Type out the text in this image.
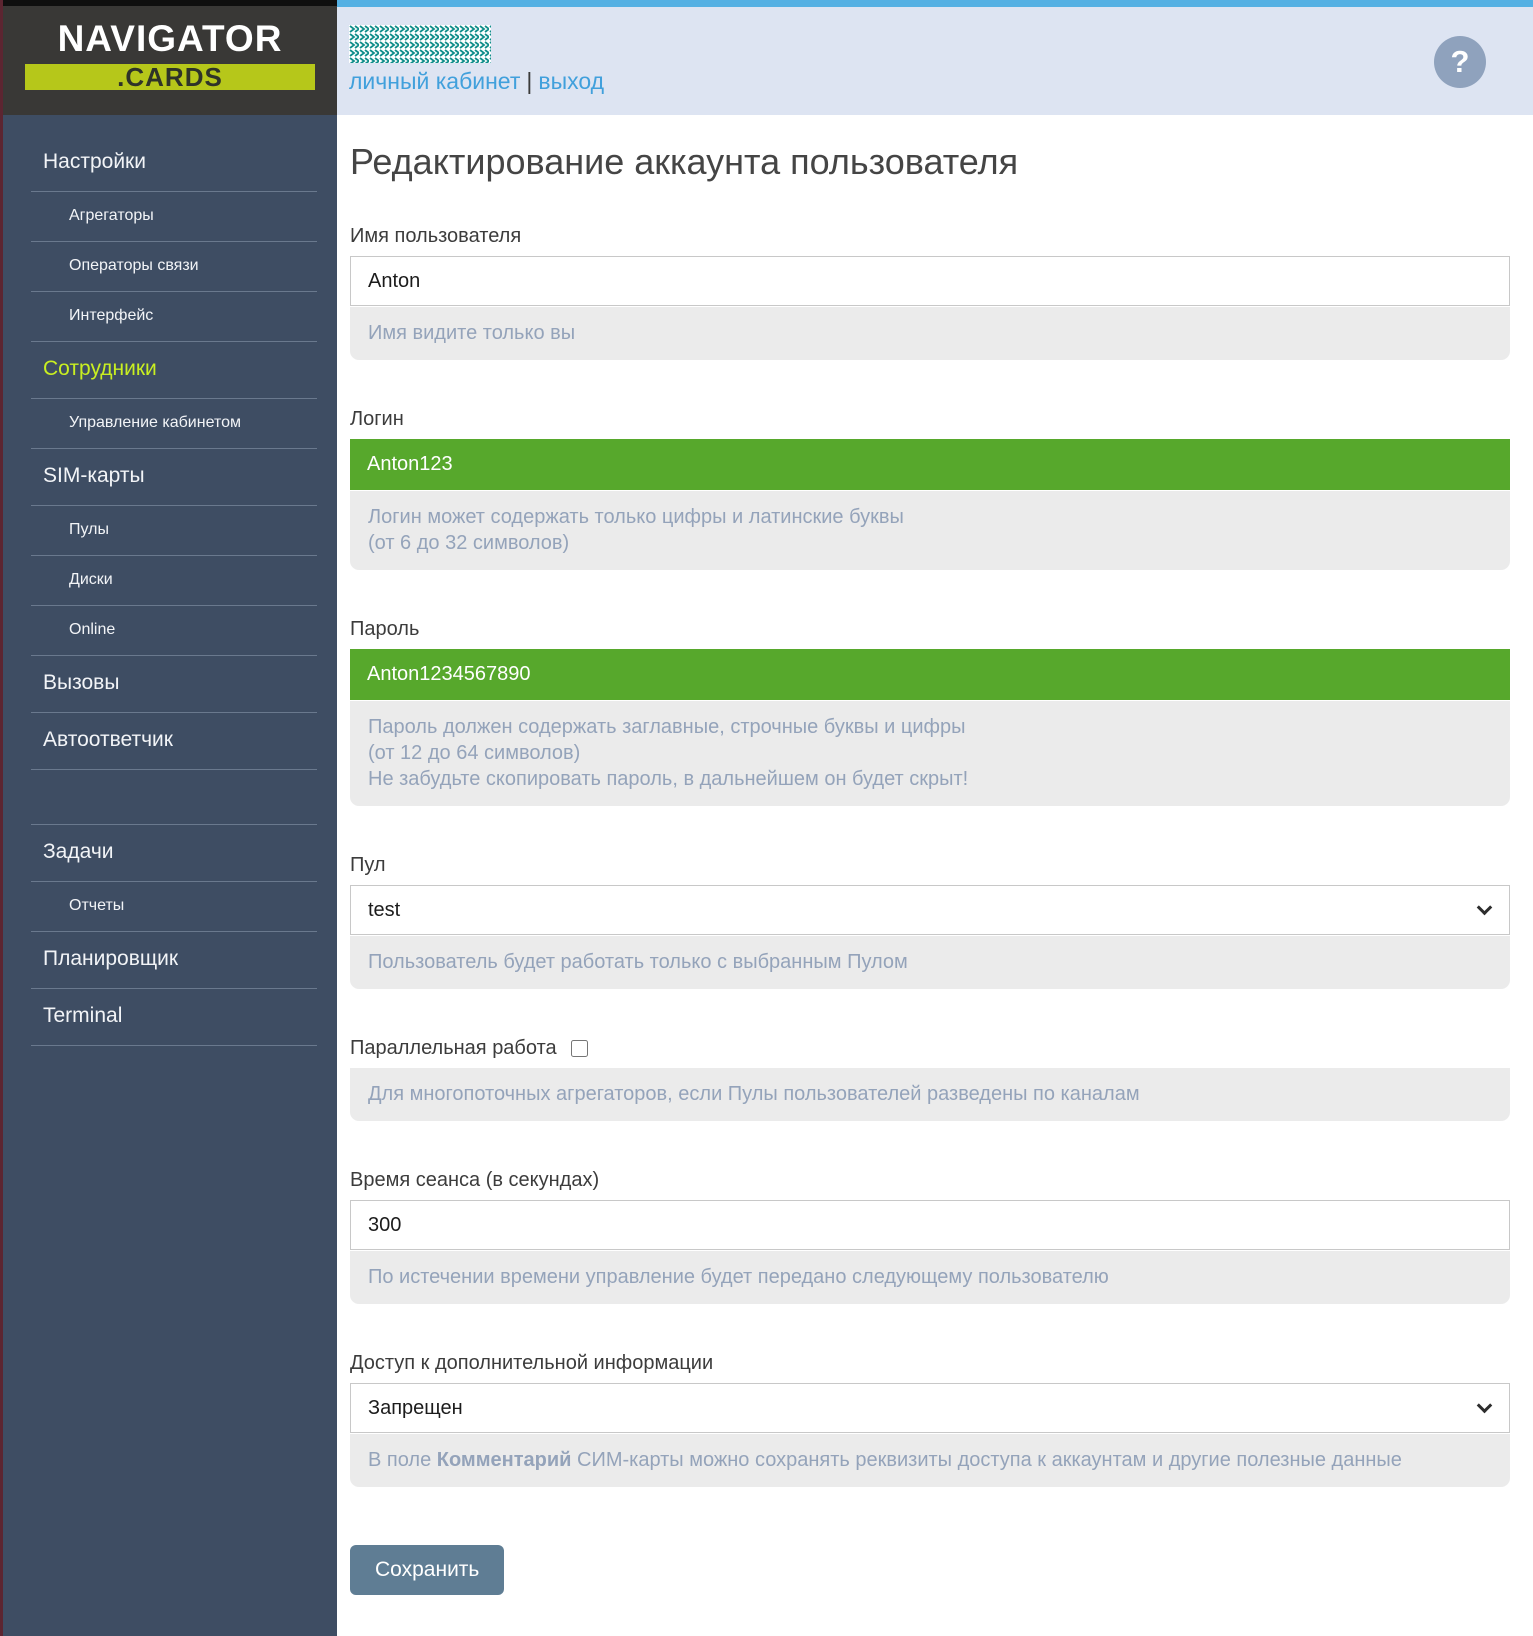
NAVIGATOR
.CARDS
Настройки
Агрегаторы
Операторы связи
Интерфейс
Сотрудники
Управление кабинетом
SIM-карты
Пулы
Диски
Online
Вызовы
Автоответчик
Задачи
Отчеты
Планировщик
Terminal
личный кабинет | выход
?
Редактирование аккаунта пользователя
Имя пользователя
Anton
Имя видите только вы
Логин
Anton123
Логин может содержать только цифры и латинские буквы
(от 6 до 32 символов)
Пароль
Anton1234567890
Пароль должен содержать заглавные, строчные буквы и цифры
(от 12 до 64 символов)
Не забудьте скопировать пароль, в дальнейшем он будет скрыт!
Пул
test
Пользователь будет работать только с выбранным Пулом
Параллельная работа
Для многопоточных агрегаторов, если Пулы пользователей разведены по каналам
Время сеанса (в секундах)
300
По истечении времени управление будет передано следующему пользователю
Доступ к дополнительной информации
Запрещен
В поле Комментарий СИМ-карты можно сохранять реквизиты доступа к аккаунтам и другие полезные данные
Сохранить
